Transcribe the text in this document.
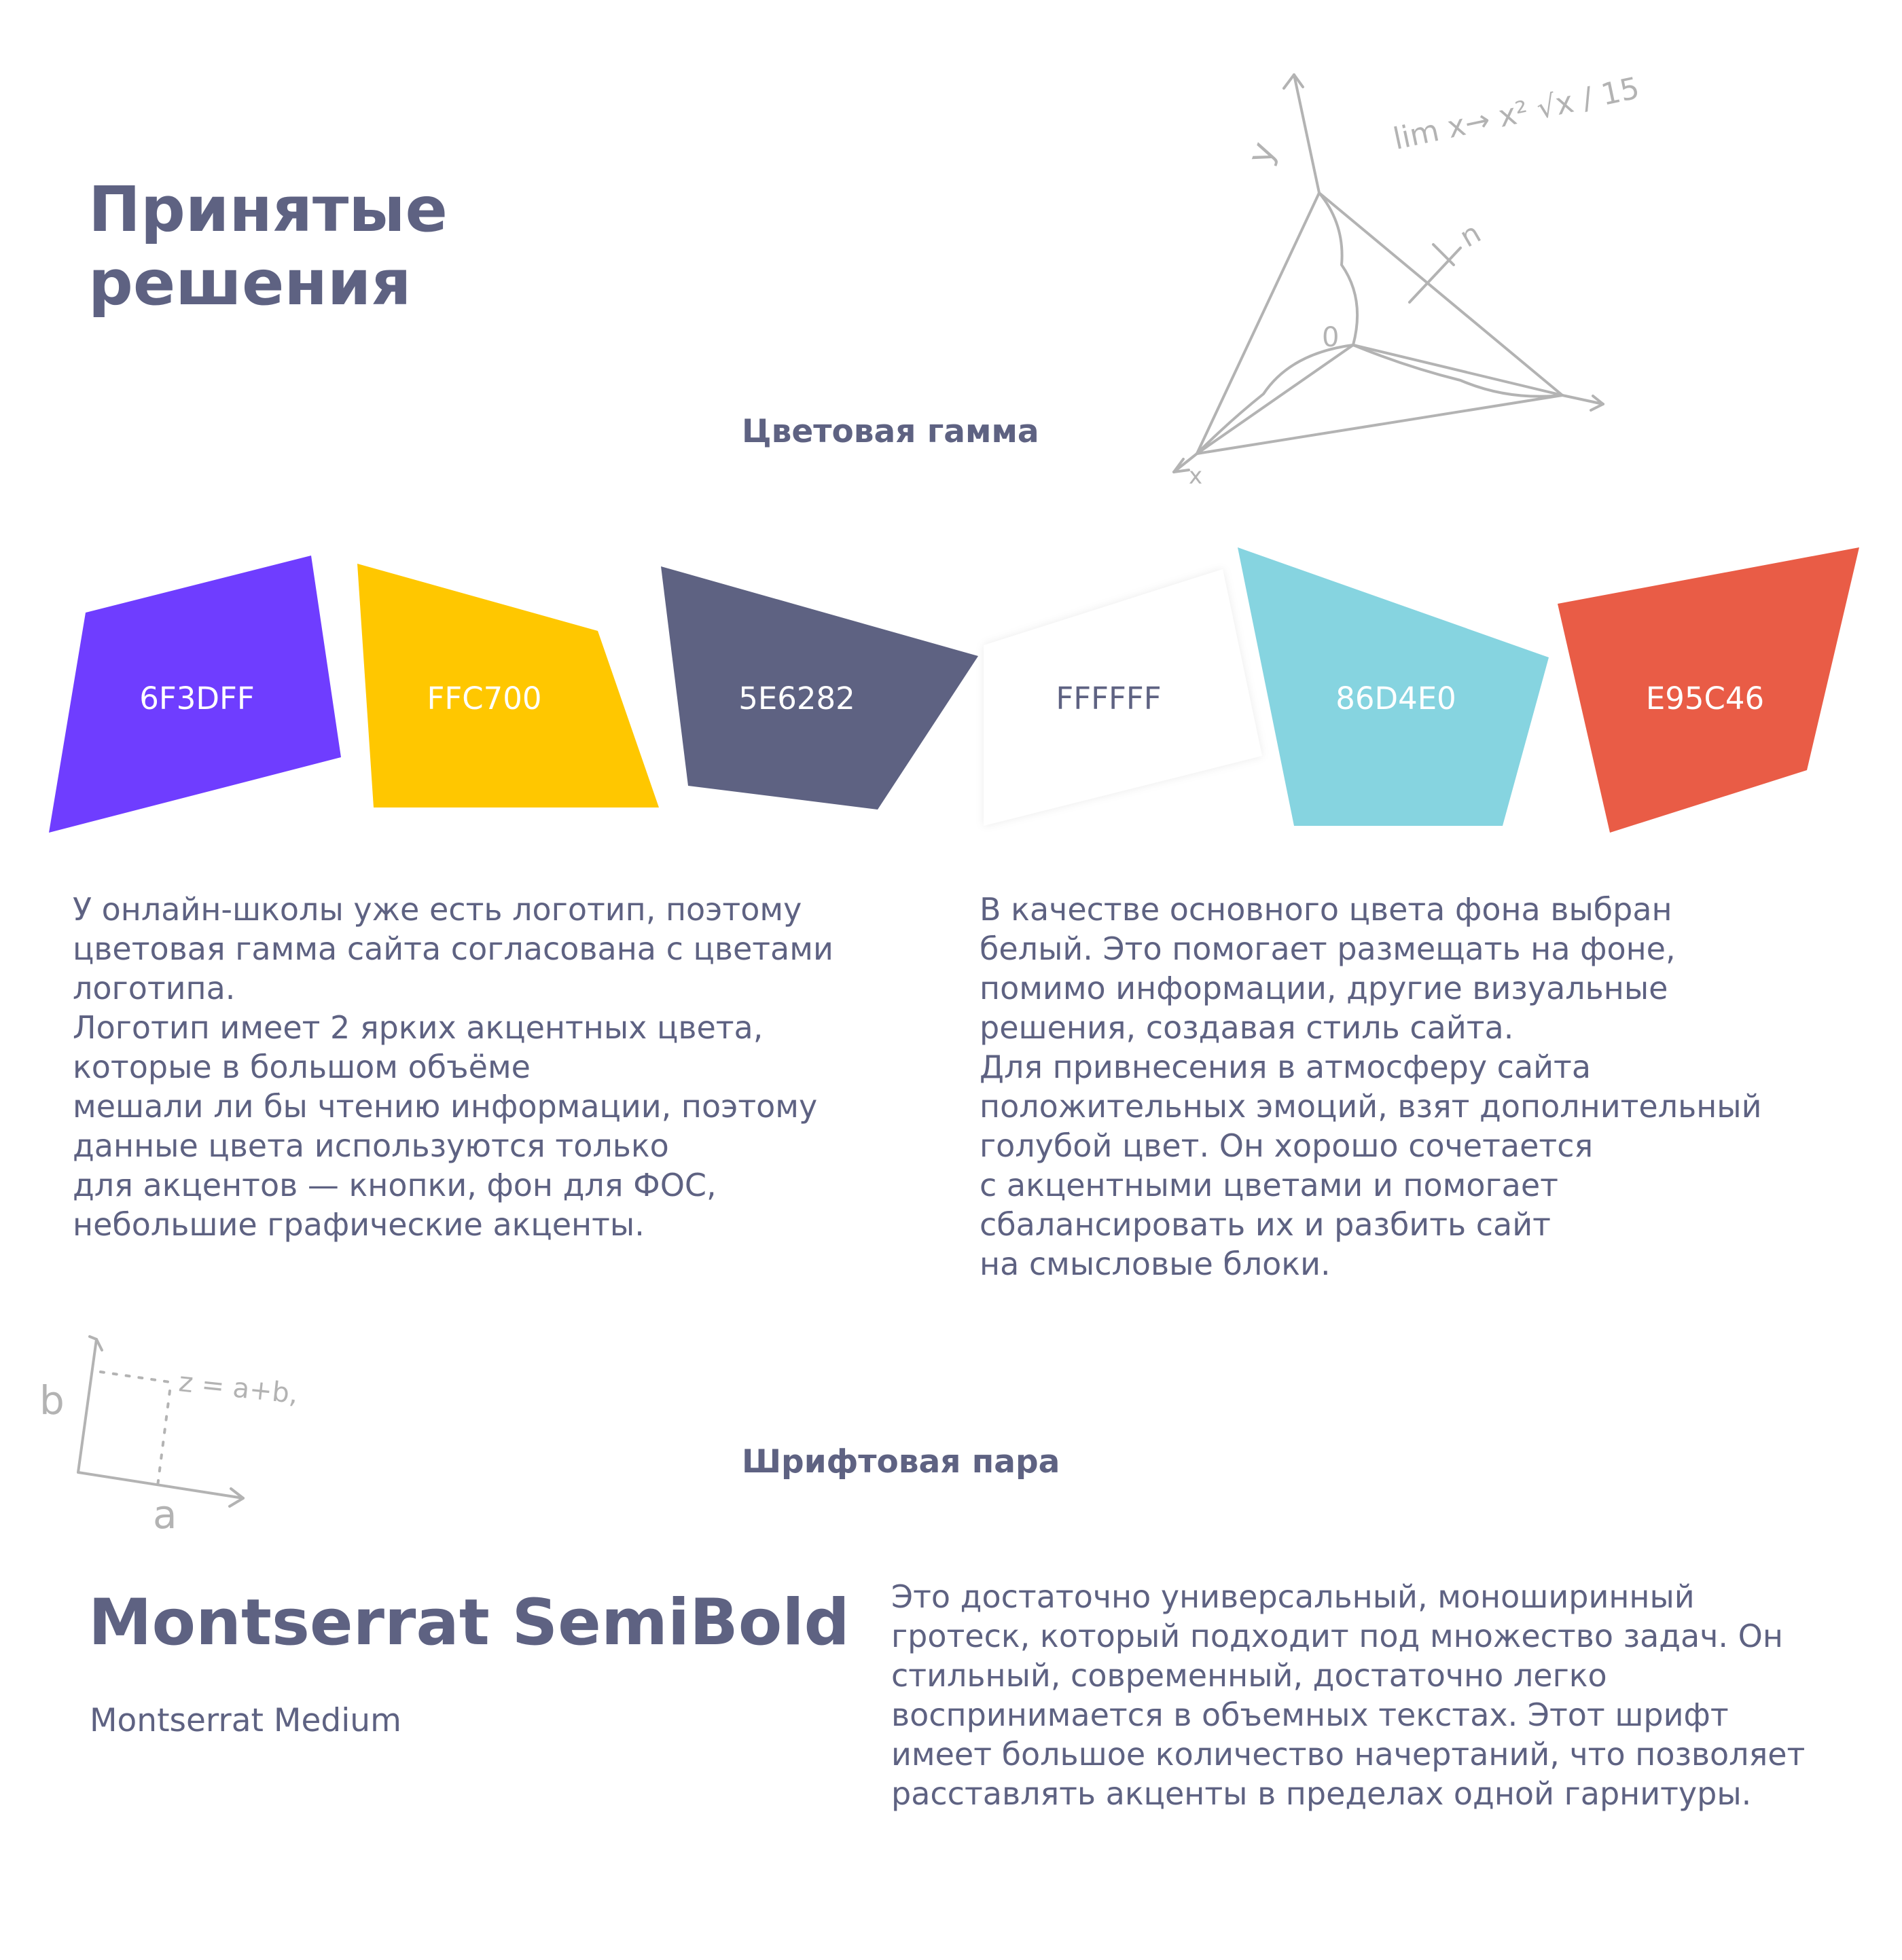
Принятые решения
Цветовая гамма
y
x
0
n
lim x→ x² √x / 15
6F3DFF	FFC700	5E6282	FFFFFF	86D4E0	E95C46

У онлайн-школы уже есть логотип, поэтому
цветовая гамма сайта согласована с цветами
логотипа.
Логотип имеет 2 ярких акцентных цвета,
которые в большом объёме
мешали ли бы чтению информации, поэтому
данные цвета используются только
для акцентов — кнопки, фон для ФОС,
небольшие графические акценты.

В качестве основного цвета фона выбран
белый. Это помогает размещать на фоне,
помимо информации, другие визуальные
решения, создавая стиль сайта.
Для привнесения в атмосферу сайта
положительных эмоций, взят дополнительный
голубой цвет. Он хорошо сочетается
с акцентными цветами и помогает
сбалансировать их и разбить сайт
на смысловые блоки.

b
a
z = a+b,
Шрифтовая пара

Montserrat SemiBold

Montserrat Medium

Это достаточно универсальный, моноширинный
гротеск, который подходит под множество задач. Он
стильный, современный, достаточно легко
воспринимается в объемных текстах. Этот шрифт
имеет большое количество начертаний, что позволяет
расставлять акценты в пределах одной гарнитуры.
